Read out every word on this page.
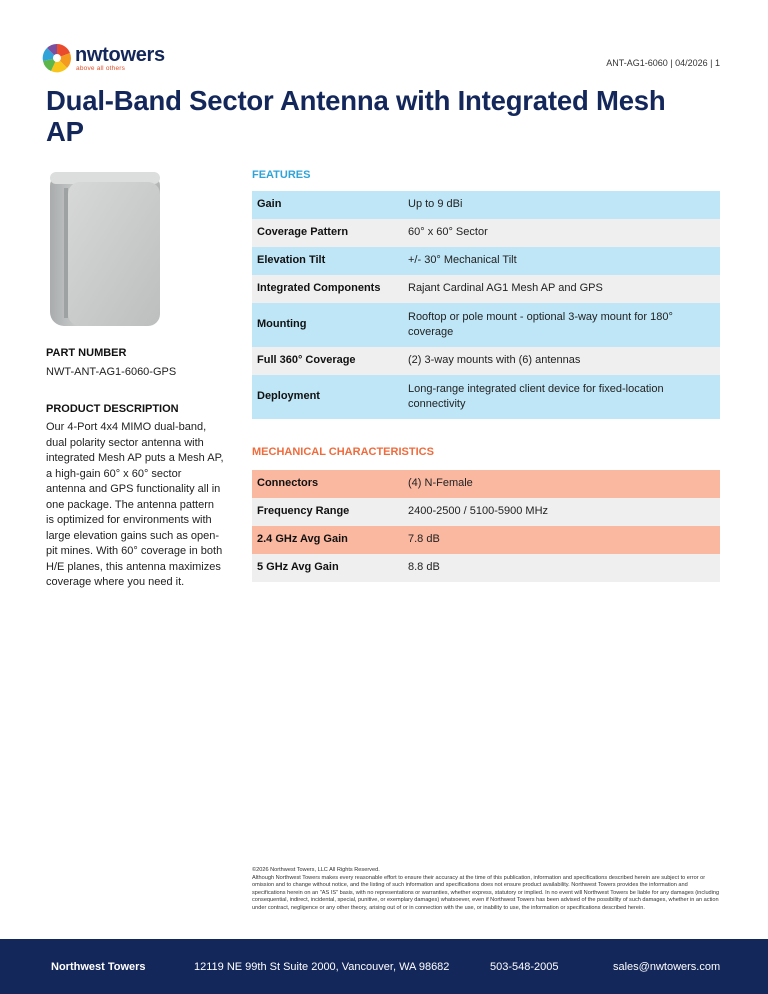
nwtowers
above all others
ANT-AG1-6060 | 04/2026 | 1
Dual-Band Sector Antenna with Integrated Mesh AP
PART NUMBER
NWT-ANT-AG1-6060-GPS
PRODUCT DESCRIPTION
Our 4-Port 4x4 MIMO dual-band, dual polarity sector antenna with integrated Mesh AP puts a Mesh AP, a high-gain 60° x 60° sector antenna and GPS functionality all in one package. The antenna pattern is optimized for environments with large elevation gains such as open-pit mines. With 60° coverage in both H/E planes, this antenna maximizes coverage where you need it.
FEATURES
Gain	Up to 9 dBi
Coverage Pattern	60° x 60° Sector
Elevation Tilt	+/- 30° Mechanical Tilt
Integrated Components	Rajant Cardinal AG1 Mesh AP and GPS
Mounting	Rooftop or pole mount - optional 3-way mount for 180° coverage
Full 360° Coverage	(2) 3-way mounts with (6) antennas
Deployment	Long-range integrated client device for fixed-location connectivity
MECHANICAL CHARACTERISTICS
Connectors	(4) N-Female
Frequency Range	2400-2500 / 5100-5900 MHz
2.4 GHz Avg Gain	7.8 dB
5 GHz Avg Gain	8.8 dB
©2026 Northwest Towers, LLC All Rights Reserved.
Although Northwest Towers makes every reasonable effort to ensure their accuracy at the time of this publication, information and specifications described herein are subject to error or omission and to change without notice, and the listing of such information and specifications does not ensure product availability. Northwest Towers provides the information and specifications herein on an "AS IS" basis, with no representations or warranties, whether express, statutory or implied. In no event will Northwest Towers be liable for any damages (including consequential, indirect, incidental, special, punitive, or exemplary damages) whatsoever, even if Northwest Towers has been advised of the possibility of such damages, whether in an action under contract, negligence or any other theory, arising out of or in connection with the use, or inability to use, the information or specifications described herein.
Northwest Towers	12119 NE 99th St Suite 2000, Vancouver, WA 98682	503-548-2005	sales@nwtowers.com
